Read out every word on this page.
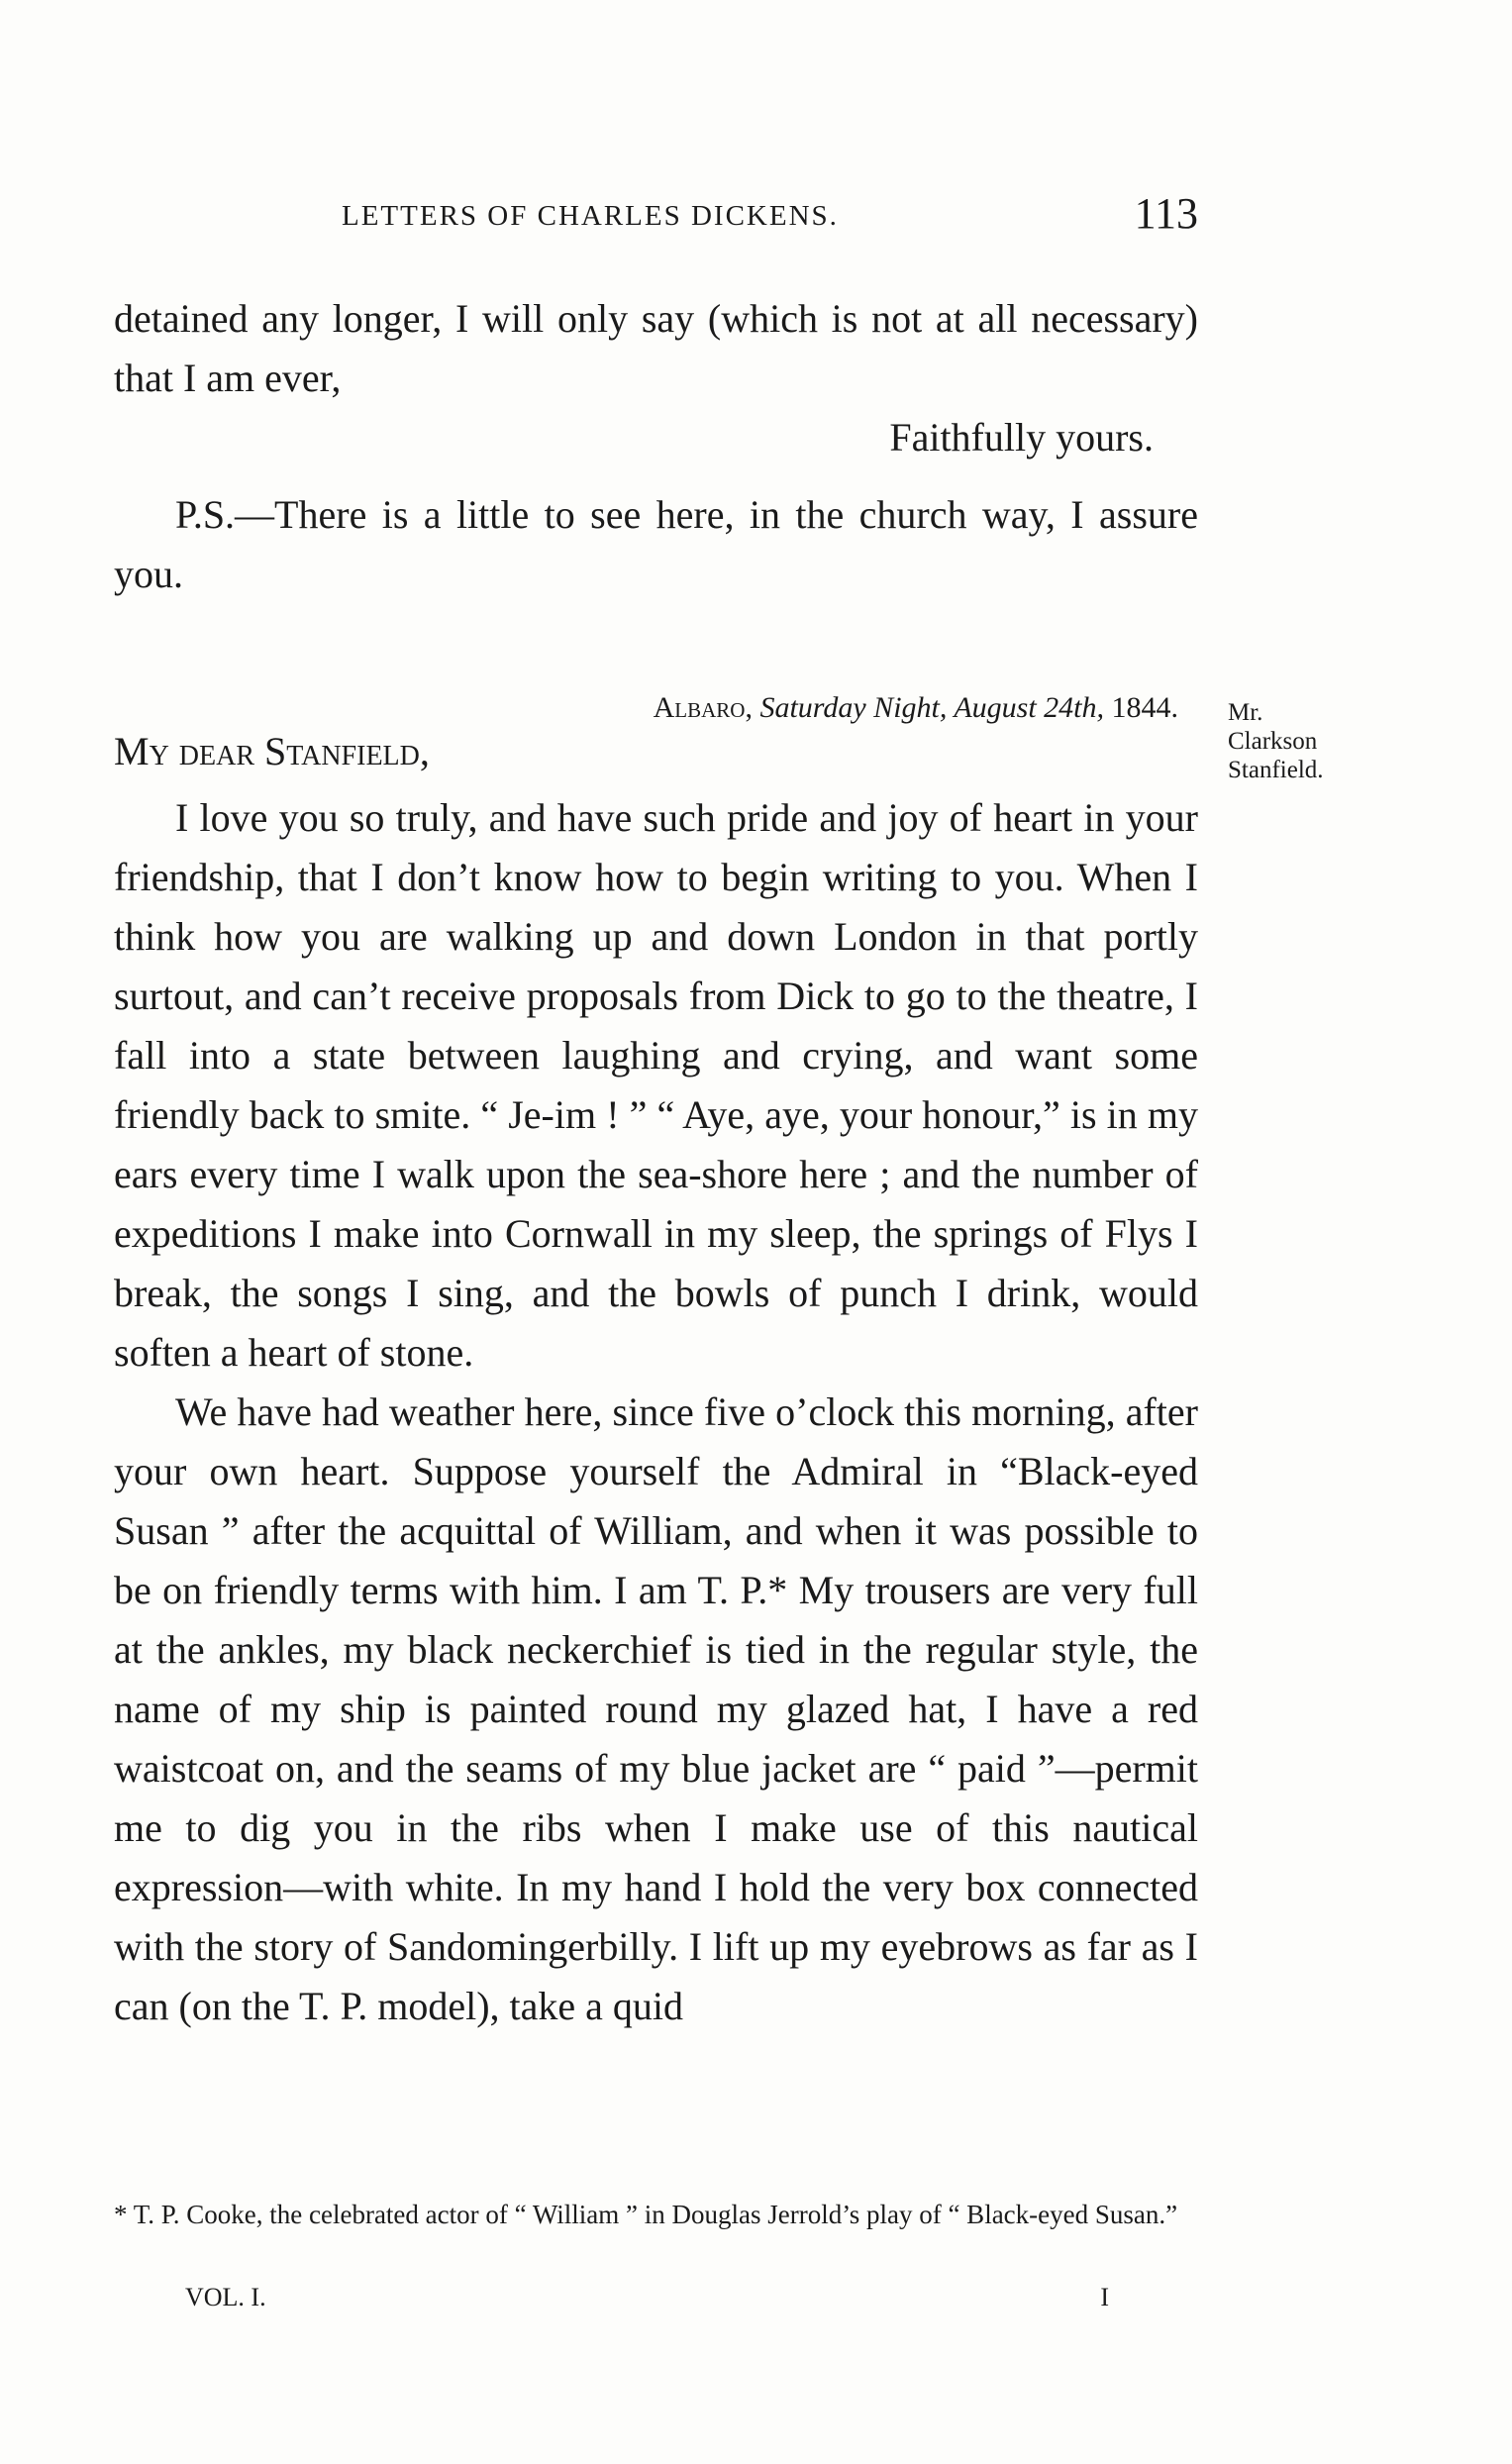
LETTERS OF CHARLES DICKENS.	113

detained any longer, I will only say (which is not at all necessary) that I am ever,

Faithfully yours.

P.S.—There is a little to see here, in the church way, I assure you.

Albaro, Saturday Night, August 24th, 1844.
My dear Stanfield,
Mr.
Clarkson
Stanfield.

I love you so truly, and have such pride and joy of heart in your friendship, that I don’t know how to begin writing to you. When I think how you are walking up and down London in that portly surtout, and can’t receive proposals from Dick to go to the theatre, I fall into a state between laughing and crying, and want some friendly back to smite. “ Je-im ! ” “ Aye, aye, your honour,” is in my ears every time I walk upon the sea-shore here ; and the number of expeditions I make into Cornwall in my sleep, the springs of Flys I break, the songs I sing, and the bowls of punch I drink, would soften a heart of stone.

We have had weather here, since five o’clock this morning, after your own heart. Suppose yourself the Admiral in “Black-eyed Susan ” after the acquittal of William, and when it was possible to be on friendly terms with him. I am T. P.* My trousers are very full at the ankles, my black neckerchief is tied in the regular style, the name of my ship is painted round my glazed hat, I have a red waistcoat on, and the seams of my blue jacket are “ paid ”—permit me to dig you in the ribs when I make use of this nautical expression—with white. In my hand I hold the very box connected with the story of Sandomingerbilly. I lift up my eyebrows as far as I can (on the T. P. model), take a quid

* T. P. Cooke, the celebrated actor of “ William ” in Douglas Jerrold’s play of “ Black-eyed Susan.”
VOL. I.	I
